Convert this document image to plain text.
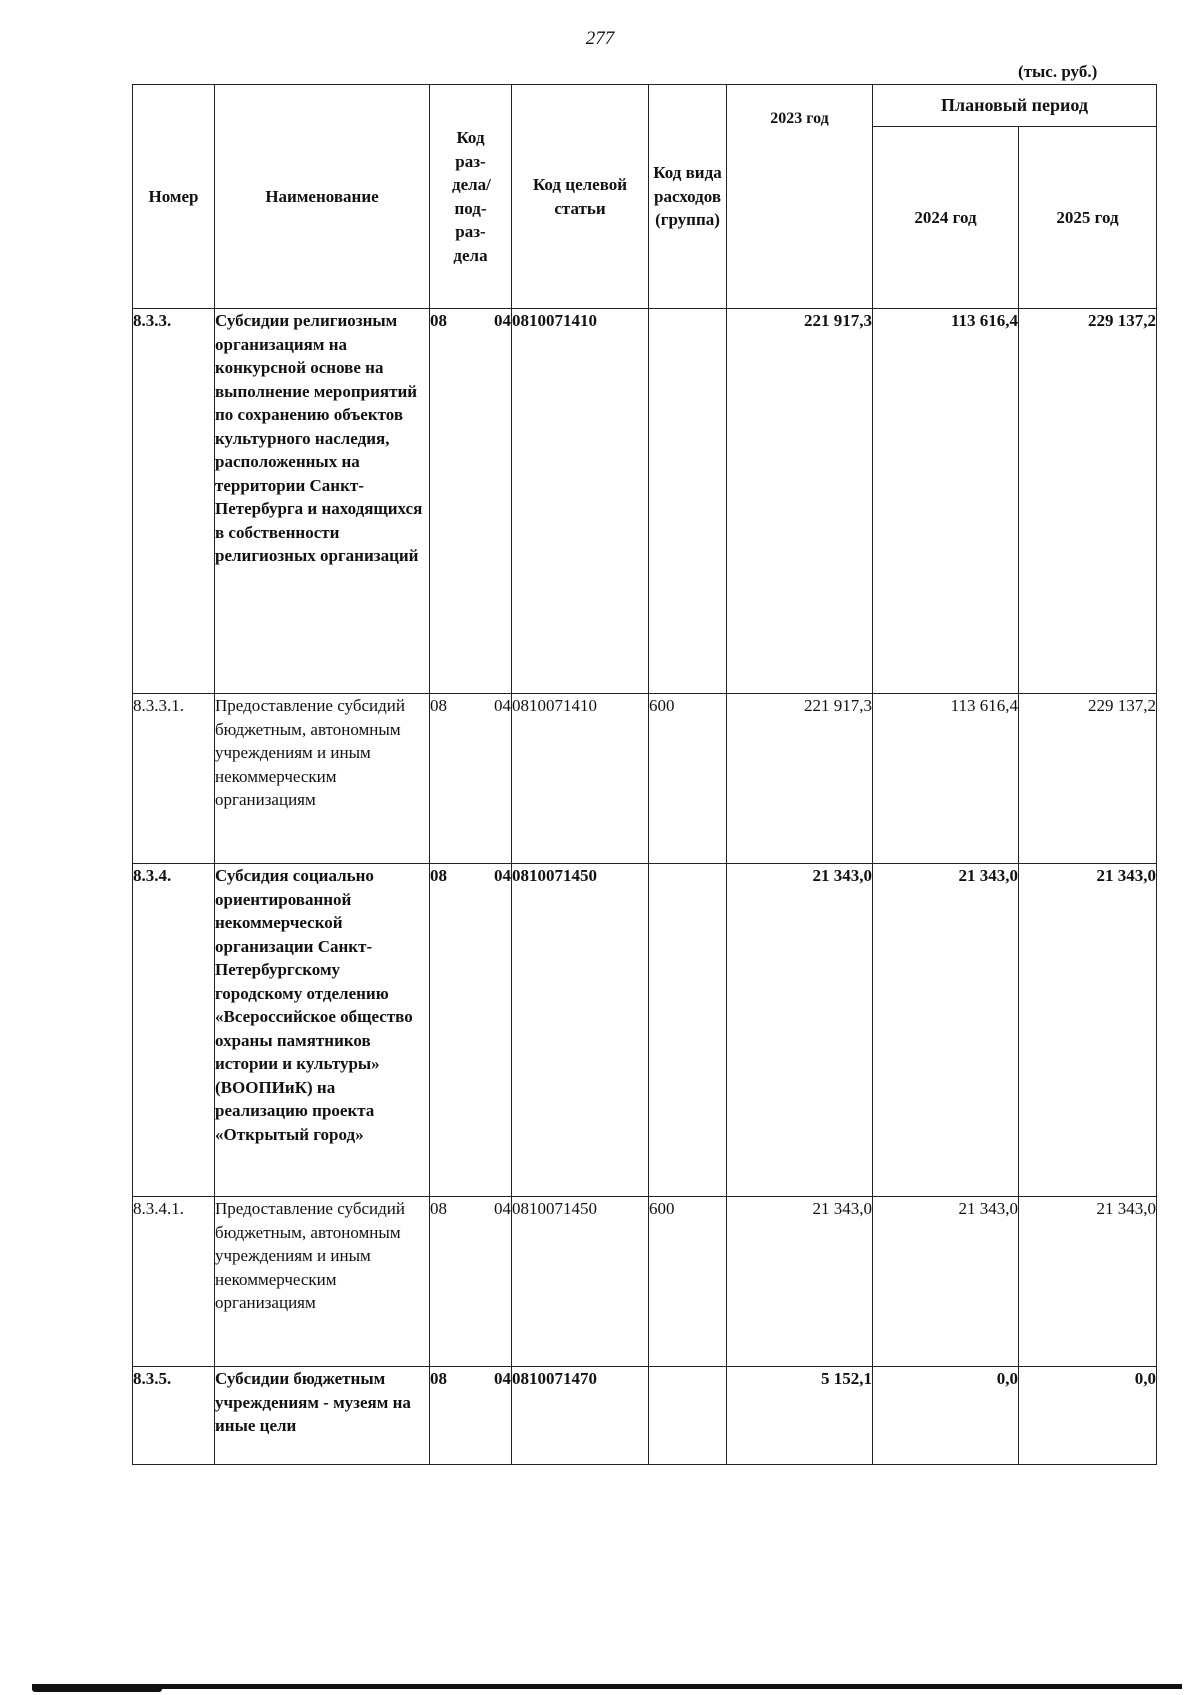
277
(тыс. руб.)
Номер	Наименование	Код раз-дела/ под-раз-дела	Код целевой статьи	Код вида расходов (группа)	2023 год	Плановый период	
						2024 год	2025 год
8.3.3.	Субсидии религиозным организациям на конкурсной основе на выполнение мероприятий по сохранению объектов культурного наследия, расположенных на территории Санкт-Петербурга и находящихся в собственности религиозных организаций	08 04	0810071410		221 917,3	113 616,4	229 137,2
8.3.3.1.	Предоставление субсидий бюджетным, автономным учреждениям и иным некоммерческим организациям	08 04	0810071410	600	221 917,3	113 616,4	229 137,2
8.3.4.	Субсидия социально ориентированной некоммерческой организации Санкт-Петербургскому городскому отделению «Всероссийское общество охраны памятников истории и культуры» (ВООПИиК) на реализацию проекта «Открытый город»	08 04	0810071450		21 343,0	21 343,0	21 343,0
8.3.4.1.	Предоставление субсидий бюджетным, автономным учреждениям и иным некоммерческим организациям	08 04	0810071450	600	21 343,0	21 343,0	21 343,0
8.3.5.	Субсидии бюджетным учреждениям - музеям на иные цели	08 04	0810071470		5 152,1	0,0	0,0
